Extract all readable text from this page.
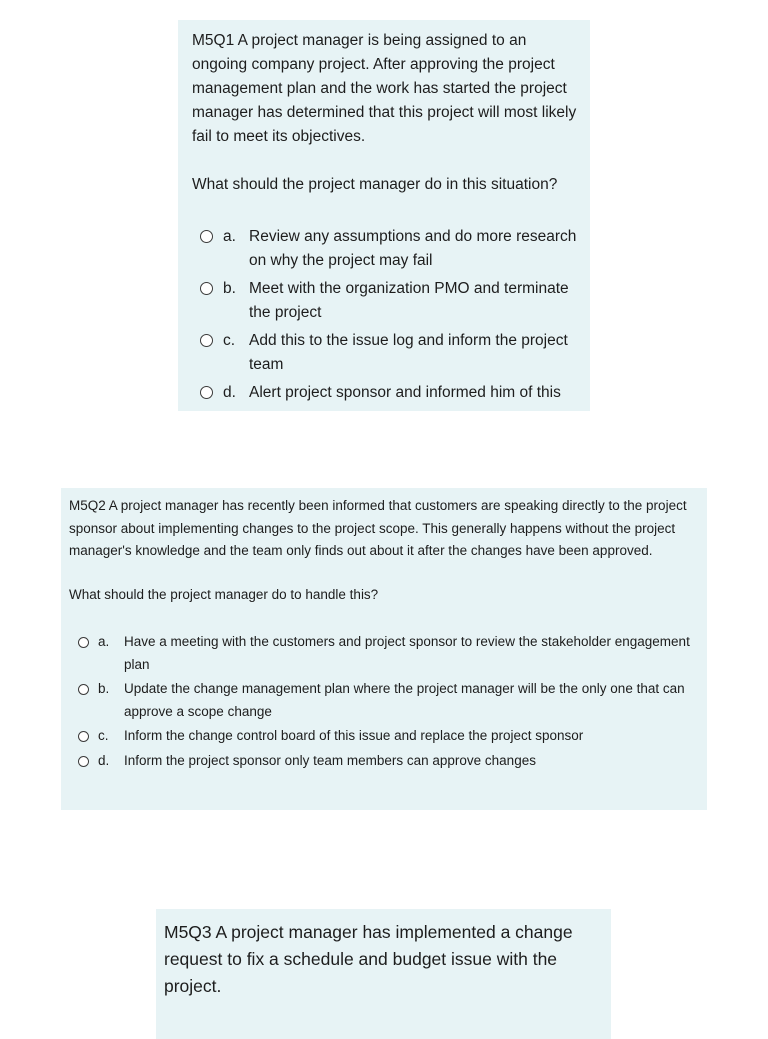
M5Q1 A project manager is being assigned to an ongoing company project. After approving the project management plan and the work has started the project manager has determined that this project will most likely fail to meet its objectives.

What should the project manager do in this situation?

a. Review any assumptions and do more research on why the project may fail
b. Meet with the organization PMO and terminate the project
c. Add this to the issue log and inform the project team
d. Alert project sponsor and informed him of this

M5Q2 A project manager has recently been informed that customers are speaking directly to the project sponsor about implementing changes to the project scope. This generally happens without the project manager's knowledge and the team only finds out about it after the changes have been approved.

What should the project manager do to handle this?

a.	Have a meeting with the customers and project sponsor to review the stakeholder engagement plan
b.	Update the change management plan where the project manager will be the only one that can approve a scope change
c.	Inform the change control board of this issue and replace the project sponsor
d.	Inform the project sponsor only team members can approve changes

M5Q3 A project manager has implemented a change request to fix a schedule and budget issue with the project.
